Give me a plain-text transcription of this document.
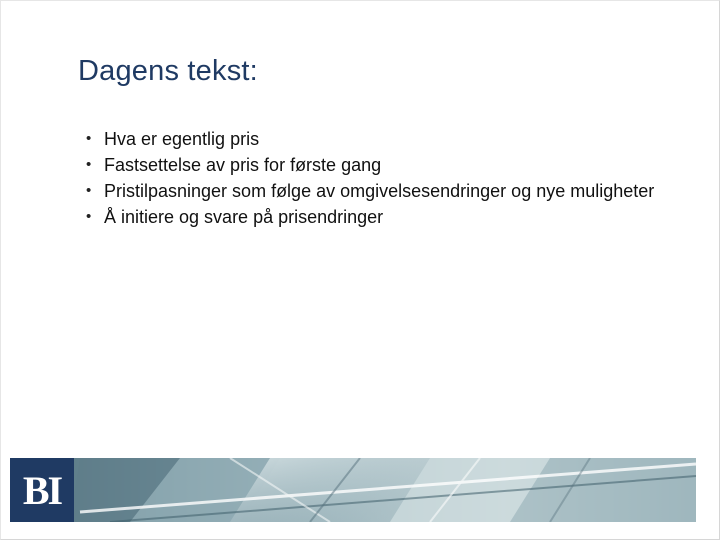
Dagens tekst:
• Hva er egentlig pris
• Fastsettelse av pris for første gang
• Pristilpasninger som følge av omgivelsesendringer og nye muligheter
• Å initiere og svare på prisendringer
BI
